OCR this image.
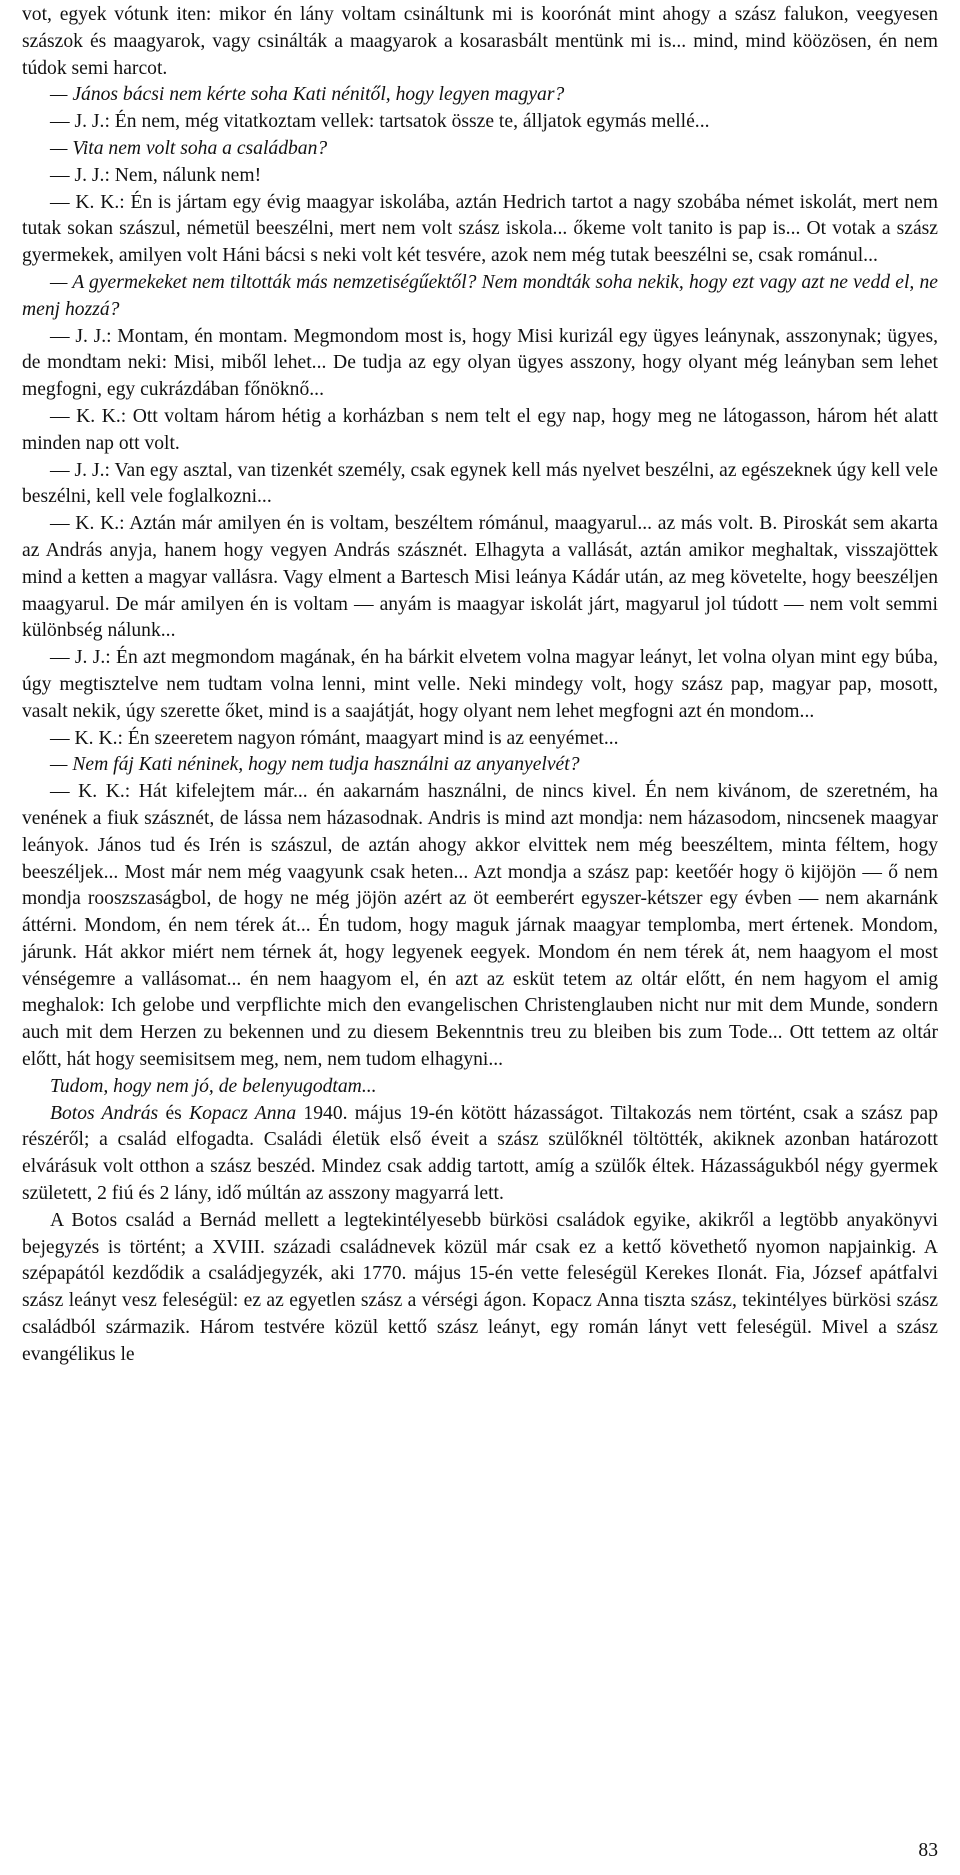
vot, egyek vótunk iten: mikor én lány voltam csináltunk mi is koorónát mint ahogy a szász falukon, veegyesen szászok és maagyarok, vagy csinálták a maagyarok a kosarasbált mentünk mi is... mind, mind köözösen, én nem túdok semi harcot.

— János bácsi nem kérte soha Kati nénitől, hogy legyen magyar?

— J. J.: Én nem, még vitatkoztam vellek: tartsatok össze te, álljatok egymás mellé...

— Vita nem volt soha a családban?

— J. J.: Nem, nálunk nem!

— K. K.: Én is jártam egy évig maagyar iskolába, aztán Hedrich tartot a nagy szobába német iskolát, mert nem tutak sokan szászul, németül beeszélni, mert nem volt szász iskola... őkeme volt tanito is pap is... Ot votak a szász gyermekek, amilyen volt Háni bácsi s neki volt két tesvére, azok nem még tutak beeszélni se, csak románul...

— A gyermekeket nem tiltották más nemzetiségűektől? Nem mondták soha nekik, hogy ezt vagy azt ne vedd el, ne menj hozzá?

— J. J.: Montam, én montam. Megmondom most is, hogy Misi kurizál egy ügyes leánynak, asszonynak; ügyes, de mondtam neki: Misi, miből lehet... De tudja az egy olyan ügyes asszony, hogy olyant még leányban sem lehet megfogni, egy cukrázdában főnöknő...

— K. K.: Ott voltam három hétig a korházban s nem telt el egy nap, hogy meg ne látogasson, három hét alatt minden nap ott volt.

— J. J.: Van egy asztal, van tizenkét személy, csak egynek kell más nyelvet beszélni, az egészeknek úgy kell vele beszélni, kell vele foglalkozni...

— K. K.: Aztán már amilyen én is voltam, beszéltem rómánul, maagyarul... az más volt. B. Piroskát sem akarta az András anyja, hanem hogy vegyen András szásznét. Elhagyta a vallását, aztán amikor meghaltak, visszajöttek mind a ketten a magyar vallásra. Vagy elment a Bartesch Misi leánya Kádár után, az meg követelte, hogy beeszéljen maagyarul. De már amilyen én is voltam — anyám is maagyar iskolát járt, magyarul jol túdott — nem volt semmi különbség nálunk...

— J. J.: Én azt megmondom magának, én ha bárkit elvetem volna magyar leányt, let volna olyan mint egy búba, úgy megtisztelve nem tudtam volna lenni, mint velle. Neki mindegy volt, hogy szász pap, magyar pap, mosott, vasalt nekik, úgy szerette őket, mind is a saajátját, hogy olyant nem lehet megfogni azt én mondom...

— K. K.: Én szeeretem nagyon rómánt, maagyart mind is az eenyémet...

— Nem fáj Kati néninek, hogy nem tudja használni az anyanyelvét?

— K. K.: Hát kifelejtem már... én aakarnám használni, de nincs kivel. Én nem kivánom, de szeretném, ha venének a fiuk szásznét, de lássa nem házasodnak. Andris is mind azt mondja: nem házasodom, nincsenek maagyar leányok. János tud és Irén is szászul, de aztán ahogy akkor elvittek nem még beeszéltem, minta féltem, hogy beeszéljek... Most már nem még vaagyunk csak heten... Azt mondja a szász pap: keetőér hogy ö kijöjön — ő nem mondja rooszszaságbol, de hogy ne még jöjön azért az öt eemberért egyszer-kétszer egy évben — nem akarnánk áttérni. Mondom, én nem térek át... Én tudom, hogy maguk járnak maagyar templomba, mert értenek. Mondom, járunk. Hát akkor miért nem térnek át, hogy legyenek eegyek. Mondom én nem térek át, nem haagyom el most vénségemre a vallásomat... én nem haagyom el, én azt az esküt tetem az oltár előtt, én nem hagyom el amig meghalok: Ich gelobe und verpflichte mich den evangelischen Christenglauben nicht nur mit dem Munde, sondern auch mit dem Herzen zu bekennen und zu diesem Bekenntnis treu zu bleiben bis zum Tode... Ott tettem az oltár előtt, hát hogy seemisitsem meg, nem, nem tudom elhagyni...

Tudom, hogy nem jó, de belenyugodtam...

Botos András és Kopacz Anna 1940. május 19-én kötött házasságot. Tiltakozás nem történt, csak a szász pap részéről; a család elfogadta. Családi életük első éveit a szász szülőknél töltötték, akiknek azonban határozott elvárásuk volt otthon a szász beszéd. Mindez csak addig tartott, amíg a szülők éltek. Házasságukból négy gyermek született, 2 fiú és 2 lány, idő múltán az asszony magyarrá lett.

A Botos család a Bernád mellett a legtekintélyesebb bürkösi családok egyike, akikről a legtöbb anyakönyvi bejegyzés is történt; a XVIII. századi családnevek közül már csak ez a kettő követhető nyomon napjainkig. A szépapától kezdődik a családjegyzék, aki 1770. május 15-én vette feleségül Kerekes Ilonát. Fia, József apátfalvi szász leányt vesz feleségül: ez az egyetlen szász a vérségi ágon. Kopacz Anna tiszta szász, tekintélyes bürkösi szász családból származik. Három testvére közül kettő szász leányt, egy román lányt vett feleségül. Mivel a szász evangélikus le

83
